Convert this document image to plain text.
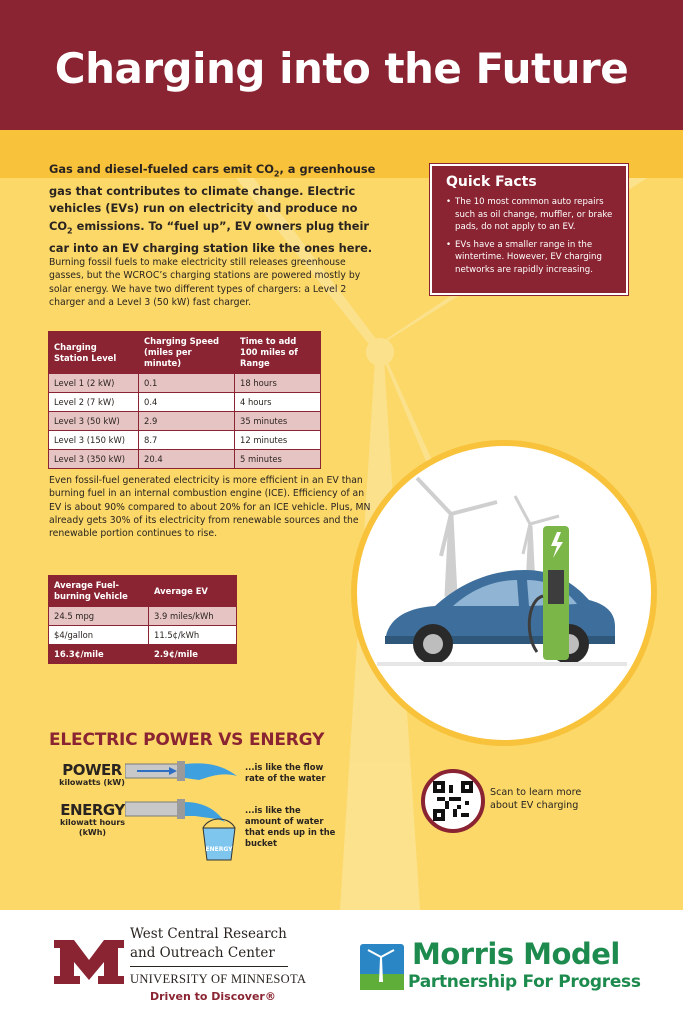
Charging into the Future

Gas and diesel-fueled cars emit $CO_2$, a greenhouse gas that contributes to climate change. Electric vehicles (EVs) run on electricity and produce no $CO_2$ emissions. To “fuel up”, EV owners plug their car into an EV charging station like the ones here.

Burning fossil fuels to make electricity still releases greenhouse gasses, but the WCROC’s charging stations are powered mostly by solar energy. We have two different types of chargers: a Level 2 charger and a Level 3 (50 kW) fast charger.

Quick Facts
• The 10 most common auto repairs such as oil change, muffler, or brake pads, do not apply to an EV.
• EVs have a smaller range in the wintertime. However, EV charging networks are rapidly increasing.
Charging Station Level	Charging Speed (miles per minute)	Time to add 100 miles of Range
Level 1 (2 kW)	0.1	18 hours
Level 2 (7 kW)	0.4	4 hours
Level 3 (50 kW)	2.9	35 minutes
Level 3 (150 kW)	8.7	12 minutes
Level 3 (350 kW)	20.4	5 minutes

Even fossil-fuel generated electricity is more efficient in an EV than burning fuel in an internal combustion engine (ICE). Efficiency of an EV is about 90% compared to about 20% for an ICE vehicle. Plus, MN already gets 30% of its electricity from renewable sources and the renewable portion continues to rise.

Average Fuel-burning Vehicle	Average EV
24.5 mpg	3.9 miles/kWh
$4/gallon	11.5¢/kWh
16.3¢/mile	2.9¢/mile
ELECTRIC POWER VS ENERGY
POWER
kilowatts (kW)
ENERGY
kilowatt hours (kWh)
ENERGY
...is like the flow rate of the water
...is like the amount of water that ends up in the bucket
Scan to learn more about EV charging
West Central Research
and Outreach Center
UNIVERSITY OF MINNESOTA
Driven to Discover®
Morris Model
Partnership For Progress
